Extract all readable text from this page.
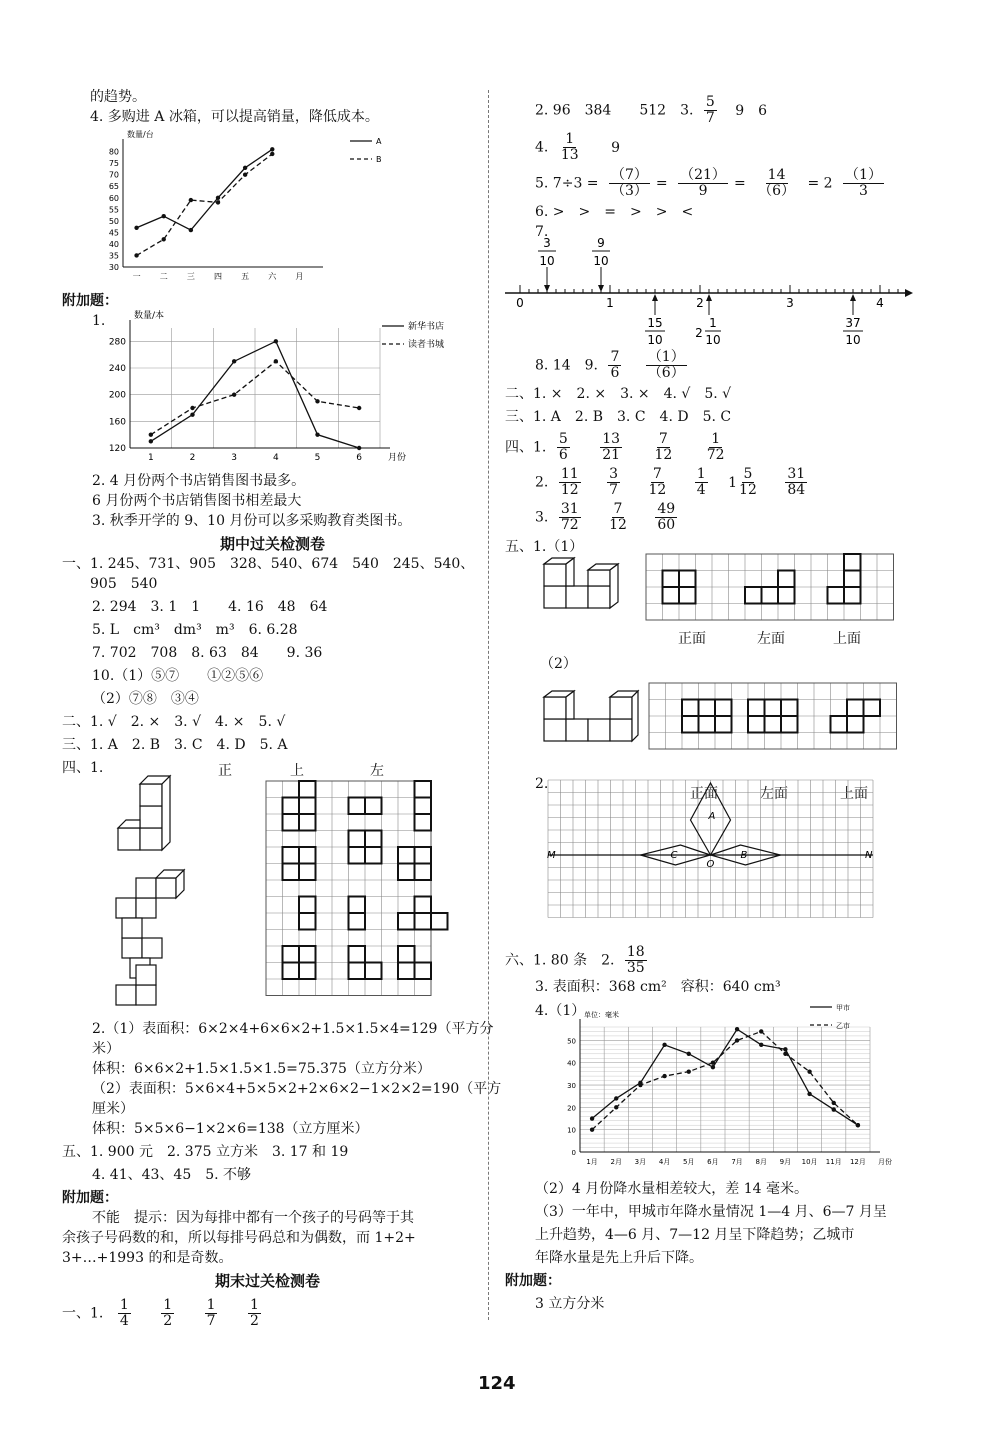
的趋势。
4. 多购进 A 冰箱，可以提高销量，降低成本。
30
35
40
45
50
55
60
65
70
75
80
一 二 三 四 五 六 月
数量/台
A
B
附加题：
1.
120
160
200
240
280
1	2	3	4	5	6
数量/本
月份
新华书店
读者书城
2. 4 月份两个书店销售图书最多。
6 月份两个书店销售图书相差最大
3. 秋季开学的 9、10 月份可以多采购教育类图书。
期中过关检测卷
一、1. 245、731、905　328、540、674　540　245、540、
905　540
2. 294　3. 1　1　　4. 16　48　64
5. L　cm³　dm³　m³　6. 6.28
7. 702　708　8. 63　84　　9. 36
10.（1）⑤⑦　　①②⑤⑥
（2）⑦⑧　③④
二、1. √　2. ×　3. √　4. ×　5. √
三、1. A　2. B　3. C　4. D　5. A
四、1.	正	上	左
2.（1）表面积：6×2×4+6×6×2+1.5×1.5×4=129（平方分
米）
体积：6×6×2+1.5×1.5×1.5=75.375（立方分米）
（2）表面积：5×6×4+5×5×2+2×6×2−1×2×2=190（平方
厘米）
体积：5×5×6−1×2×6=138（立方厘米）
五、1. 900 元　2. 375 立方米　3. 17 和 19
4. 41、43、45　5. 不够
附加题：
不能　提示：因为每排中都有一个孩子的号码等于其
余孩子号码数的和，所以每排号码总和为偶数，而 1+2+
3+…+1993 的和是奇数。
期末过关检测卷
一、1. $\frac{1}{4}$
$\frac{1}{2}$
$\frac{1}{7}$
$\frac{1}{2}$
2. 96　384　　512　3. $\frac{5}{7} 9$　6
4. $\frac{1}{13} 9$
5. $7\div 3 = \frac{(7)}{(3)} = \frac{(21)}{9} = \frac{14}{(6)} = 2 \frac{(1)}{3}$
6. >　>　=　>　>　<
7.
0	1	2	3	4
3
10
9
10
15
10	2
1
10
37
10
8. 14　9. $\frac{7}{6}$
$\frac{(1)}{(6)}$
二、1. ×　2. ×　3. ×　4. √　5. √
三、1. A　2. B　3. C　4. D　5. C
四、1. $\frac{5}{6}$
$\frac{13}{21}$
$\frac{7}{12}$
$\frac{1}{72}$
2. $\frac{11}{12}$
$\frac{3}{7}$
$\frac{7}{12}$
$\frac{1}{4} 1 \frac{5}{12}$
$\frac{31}{84}$
3. $\frac{31}{72}$
$\frac{7}{12}$
$\frac{49}{60}$
五、1.（1）
正面	左面	上面
（2）
正面	左面	上面
2.
A
C
O
B
M	N
六、1. 80 条　2. $\frac{18}{35}$
3. 表面积：368 cm²　容积：640 cm³
4.（1）
0
10
20
30
40
50
1月 2月 3月 4月 5月 6月 7月 8月 9月 10月 11月 12月
单位：毫米
月份
甲市
乙市
（2）4 月份降水量相差较大，差 14 毫米。
（3）一年中，甲城市年降水量情况 1—4 月、6—7 月呈
上升趋势，4—6 月、7—12 月呈下降趋势；乙城市
年降水量是先上升后下降。
附加题：
3 立方分米
124
